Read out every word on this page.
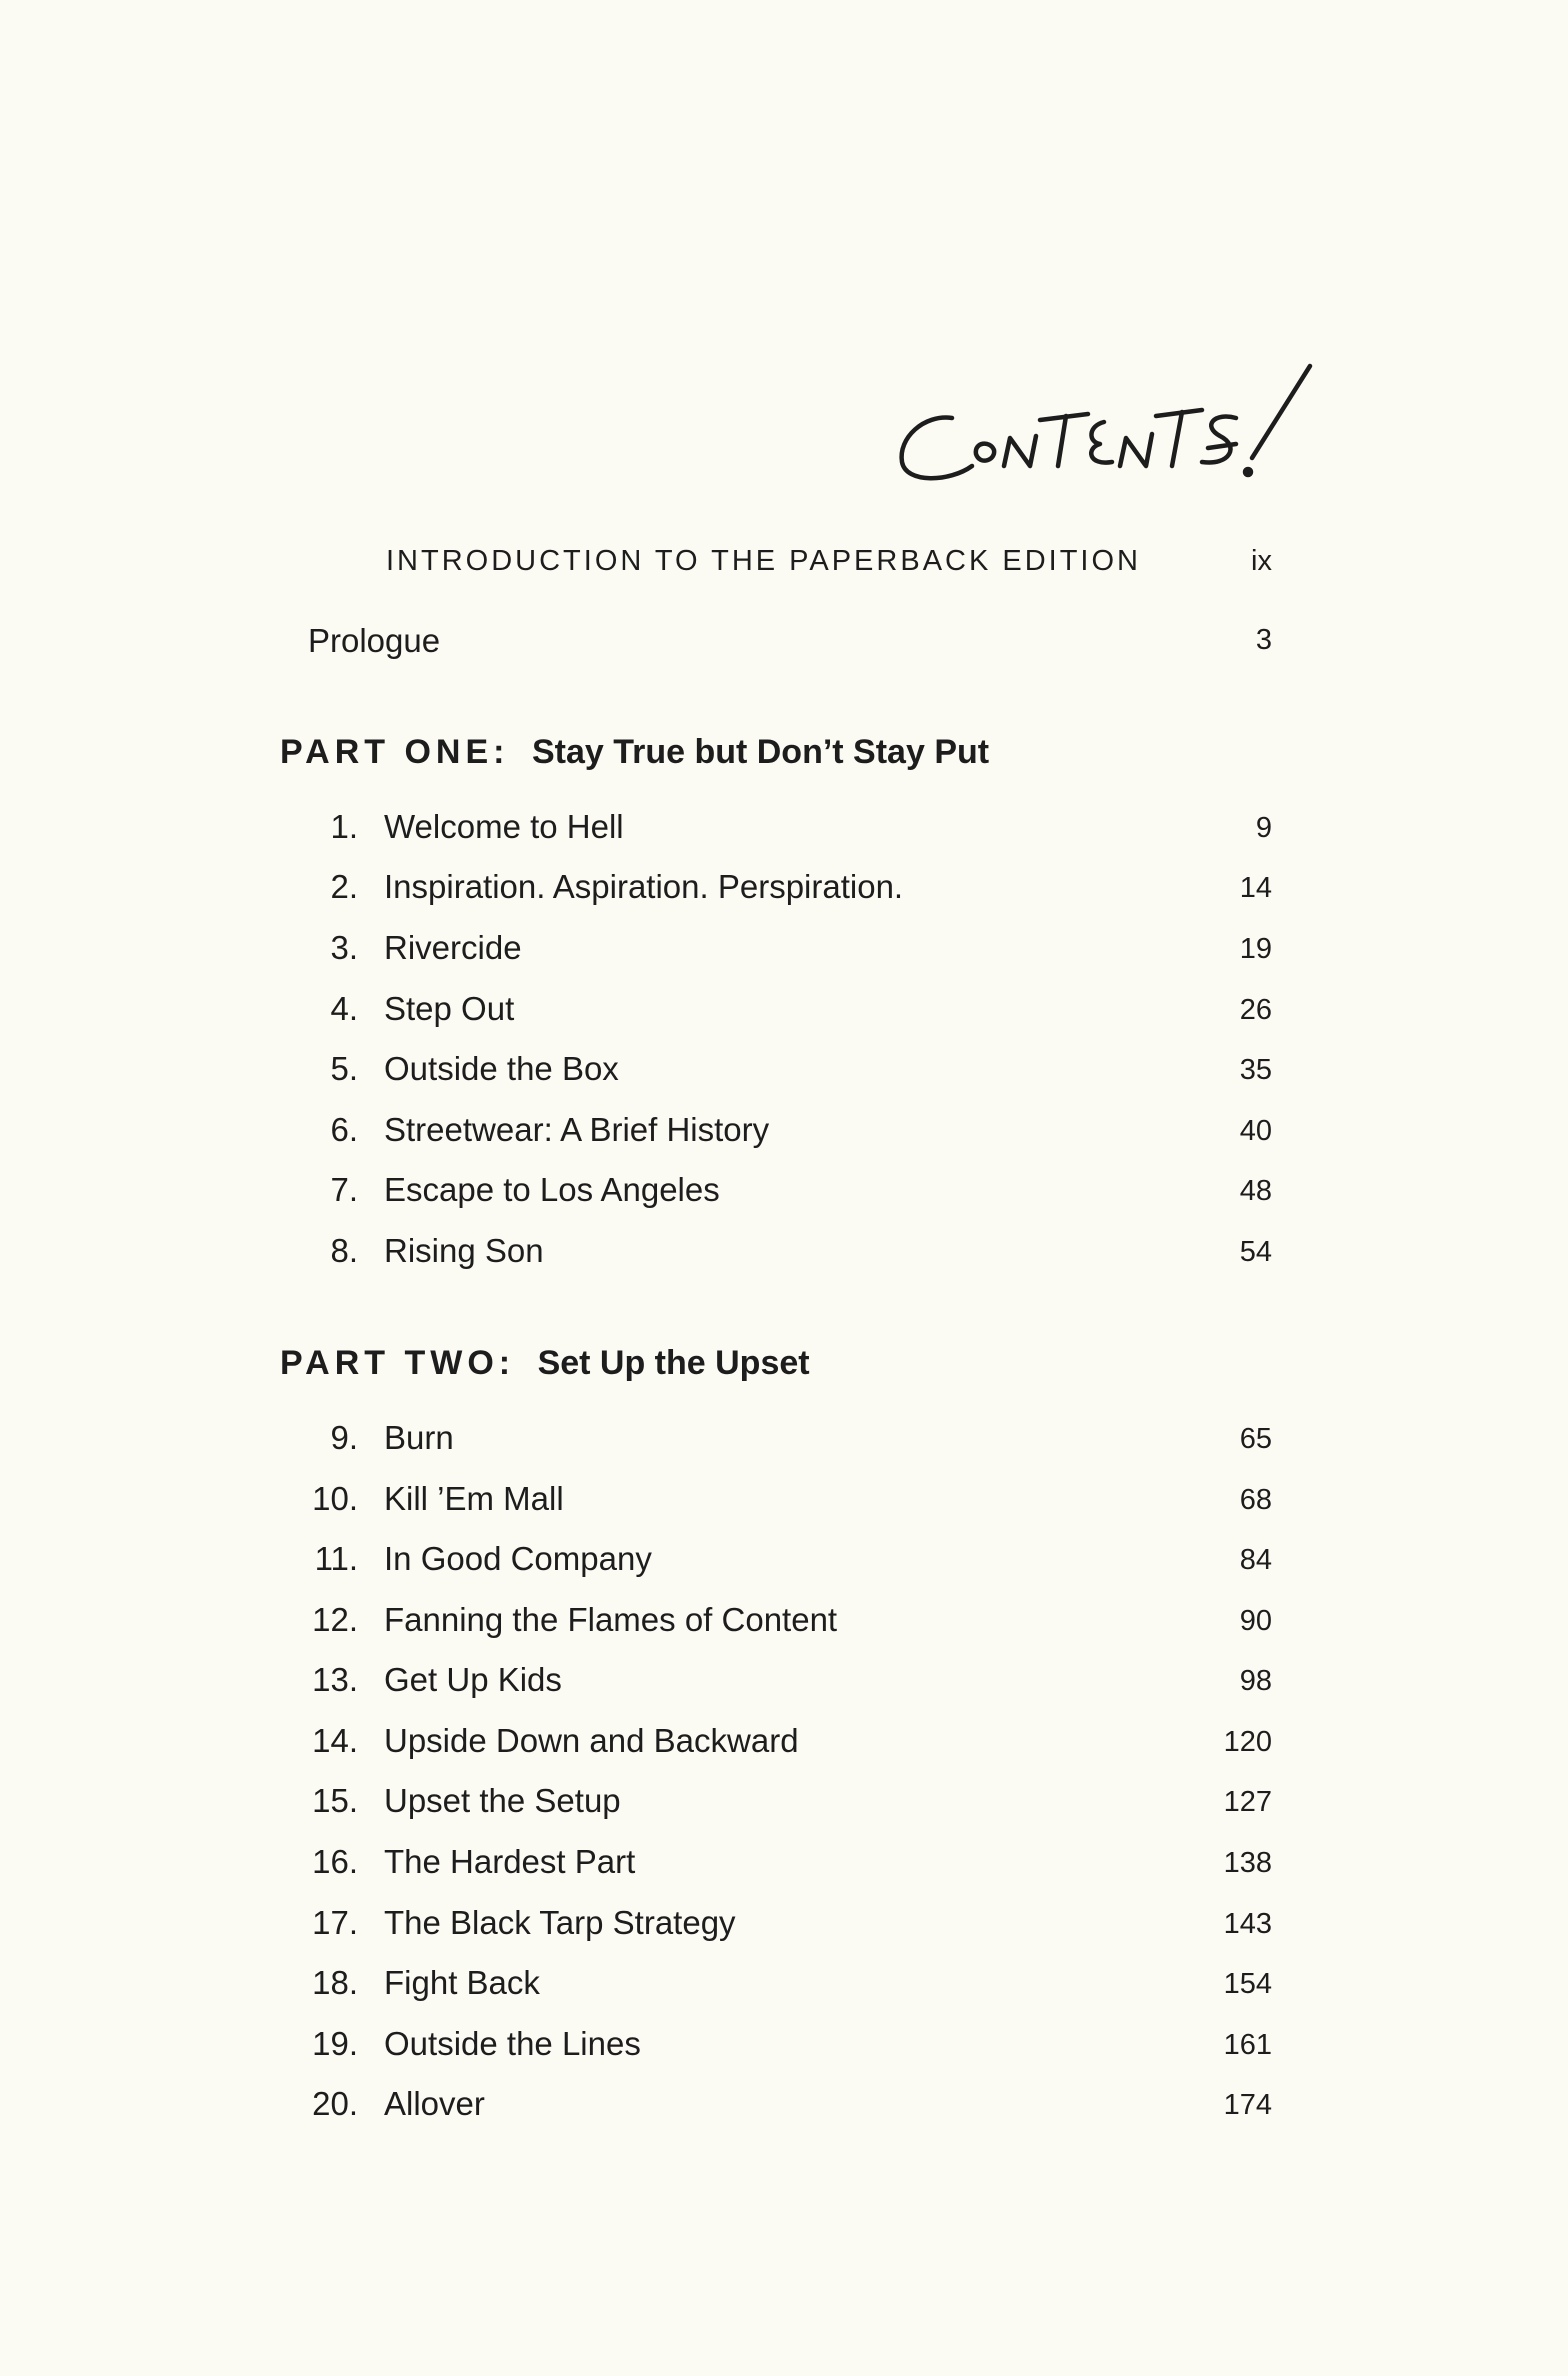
INTRODUCTION TO THE PAPERBACK EDITION	ix
Prologue	3
PART ONE: Stay True but Don’t Stay Put
1. Welcome to Hell	9
2. Inspiration. Aspiration. Perspiration.	14
3. Rivercide	19
4. Step Out	26
5. Outside the Box	35
6. Streetwear: A Brief History	40
7. Escape to Los Angeles	48
8. Rising Son	54
PART TWO: Set Up the Upset
9. Burn	65
10. Kill ’Em Mall	68
11. In Good Company	84
12. Fanning the Flames of Content	90
13. Get Up Kids	98
14. Upside Down and Backward	120
15. Upset the Setup	127
16. The Hardest Part	138
17. The Black Tarp Strategy	143
18. Fight Back	154
19. Outside the Lines	161
20. Allover	174
